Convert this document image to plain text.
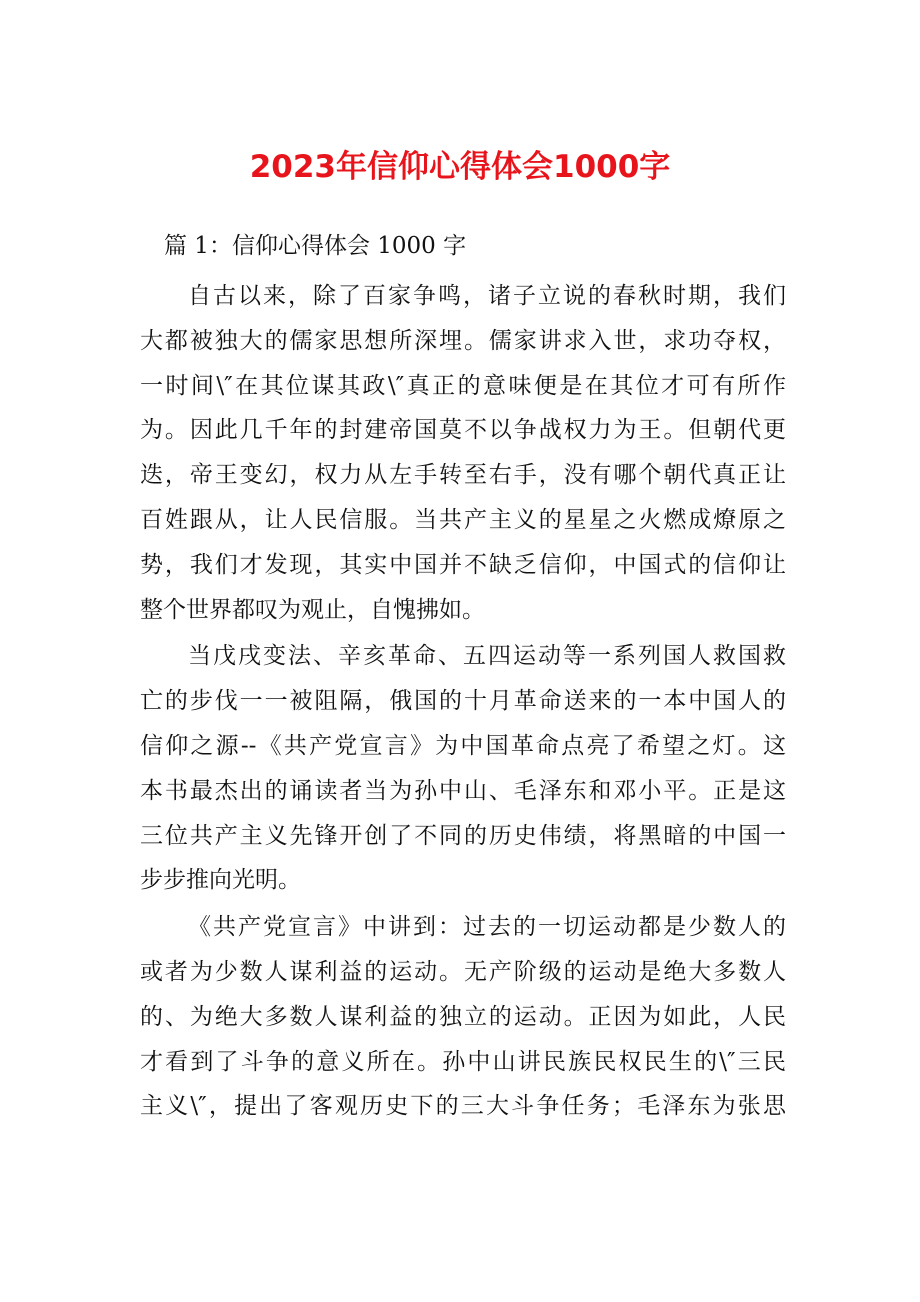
2023年信仰心得体会1000字
篇 1：信仰心得体会 1000 字

自古以来，除了百家争鸣，诸子立说的春秋时期，我们
大都被独大的儒家思想所深埋。儒家讲求入世，求功夺权，
一时间\″在其位谋其政\″真正的意味便是在其位才可有所作
为。因此几千年的封建帝国莫不以争战权力为王。但朝代更
迭，帝王变幻，权力从左手转至右手，没有哪个朝代真正让
百姓跟从，让人民信服。当共产主义的星星之火燃成燎原之
势，我们才发现，其实中国并不缺乏信仰，中国式的信仰让
整个世界都叹为观止，自愧拂如。

当戊戌变法、辛亥革命、五四运动等一系列国人救国救
亡的步伐一一被阻隔，俄国的十月革命送来的一本中国人的
信仰之源--《共产党宣言》为中国革命点亮了希望之灯。这
本书最杰出的诵读者当为孙中山、毛泽东和邓小平。正是这
三位共产主义先锋开创了不同的历史伟绩，将黑暗的中国一
步步推向光明。

《共产党宣言》中讲到：过去的一切运动都是少数人的
或者为少数人谋利益的运动。无产阶级的运动是绝大多数人
的、为绝大多数人谋利益的独立的运动。正因为如此，人民
才看到了斗争的意义所在。孙中山讲民族民权民生的\″三民
主义\″，提出了客观历史下的三大斗争任务；毛泽东为张思
